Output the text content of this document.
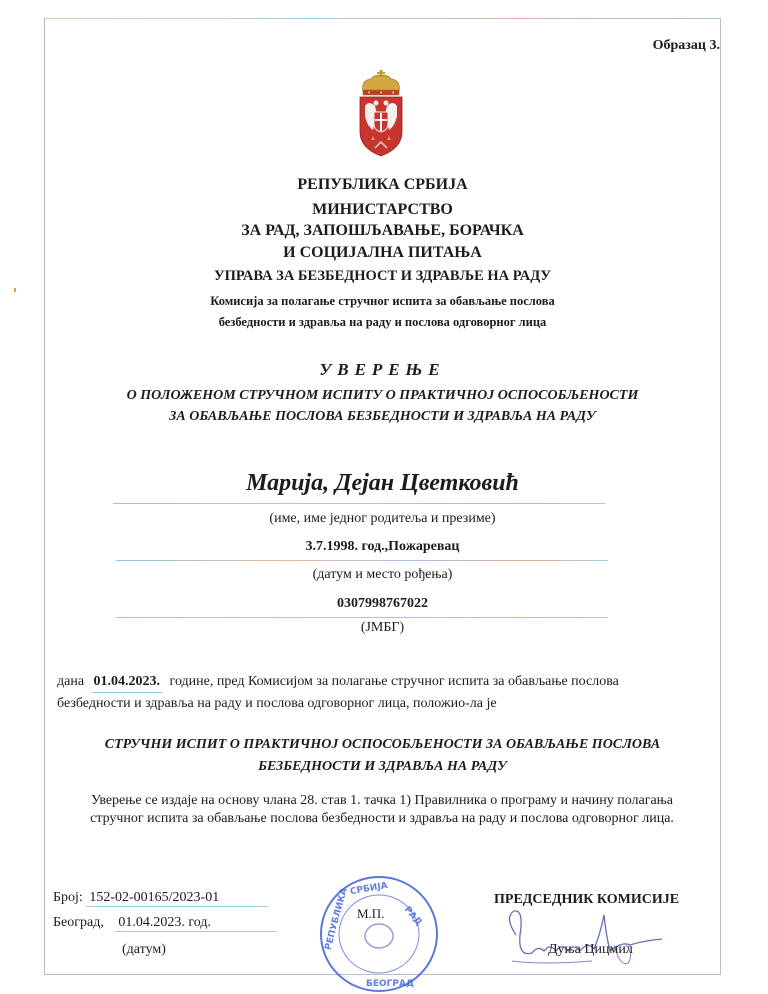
Образац 3.
РЕПУБЛИКА СРБИЈА
МИНИСТАРСТВО
ЗА РАД, ЗАПОШЉАВАЊЕ, БОРАЧКА
И СОЦИЈАЛНА ПИТАЊА
УПРАВА ЗА БЕЗБЕДНОСТ И ЗДРАВЉЕ НА РАДУ
Комисија за полагање стручног испита за обављање послова
безбедности и здравља на раду и послова одговорног лица
УВЕРЕЊЕ
О ПОЛОЖЕНОМ СТРУЧНОМ ИСПИТУ О ПРАКТИЧНОЈ ОСПОСОБЉЕНОСТИ
ЗА ОБАВЉАЊЕ ПОСЛОВА БЕЗБЕДНОСТИ И ЗДРАВЉА НА РАДУ
Марија, Дејан Цветковић
(име, име једног родитеља и презиме)
3.7.1998. год.,Пожаревац
(датум и место рођења)
0307998767022
(ЈМБГ)
дана 01.04.2023. године, пред Комисијом за полагање стручног испита за обављање послова
безбедности и здравља на раду и послова одговорног лица, положио-ла је
СТРУЧНИ ИСПИТ О ПРАКТИЧНОЈ ОСПОСОБЉЕНОСТИ ЗА ОБАВЉАЊЕ ПОСЛОВА
БЕЗБЕДНОСТИ И ЗДРАВЉА НА РАДУ
Уверење се издаје на основу члана 28. став 1. тачка 1) Правилника о програму и начину полагања
стручног испита за обављање послова безбедности и здравља на раду и послова одговорног лица.
Број: 152-02-00165/2023-01
Београд, 01.04.2023. год.
(датум)
СРБИЈА
РАД
БЕОГРАД
РЕПУБЛИКА М.П.
ПРЕДСЕДНИК КОМИСИЈЕ
Дуња Цицмил
